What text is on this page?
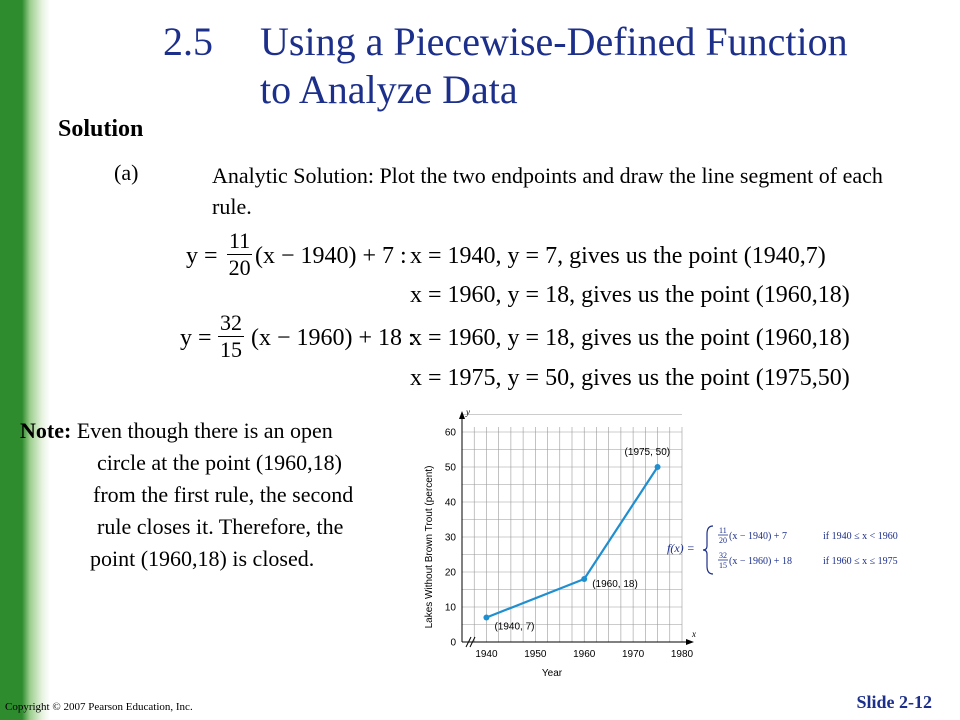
2.5 Using a Piecewise-Defined Function
to Analyze Data
Solution
(a)	Analytic Solution: Plot the two endpoints and draw the line segment of each rule.
$y = \frac{11}{20} (x - 1940) + 7$ : x = 1940, y = 7, gives us the point (1940,7)
x = 1960, y = 18, gives us the point (1960,18)
$y = \frac{32}{15} (x - 1960) + 18$ :
x = 1960, y = 18, gives us the point (1960,18)
x = 1975, y = 50, gives us the point (1975,50)
Note: Even though there is an open
circle at the point (1960,18)
from the first rule, the second
rule closes it. Therefore, the
point (1960,18) is closed.
1940	1950	1960	1970	1980
0
10
20
30
40
50
60
y
x
Year
Lakes Without Brown Trout (percent)	(1940, 7)
(1960, 18)
(1975, 50)
f(x) =
11
20 (x − 1940) + 7	if 1940 ≤ x < 1960
32
15 (x − 1960) + 18	if 1960 ≤ x ≤ 1975
Copyright © 2007 Pearson Education, Inc.	Slide 2-12
